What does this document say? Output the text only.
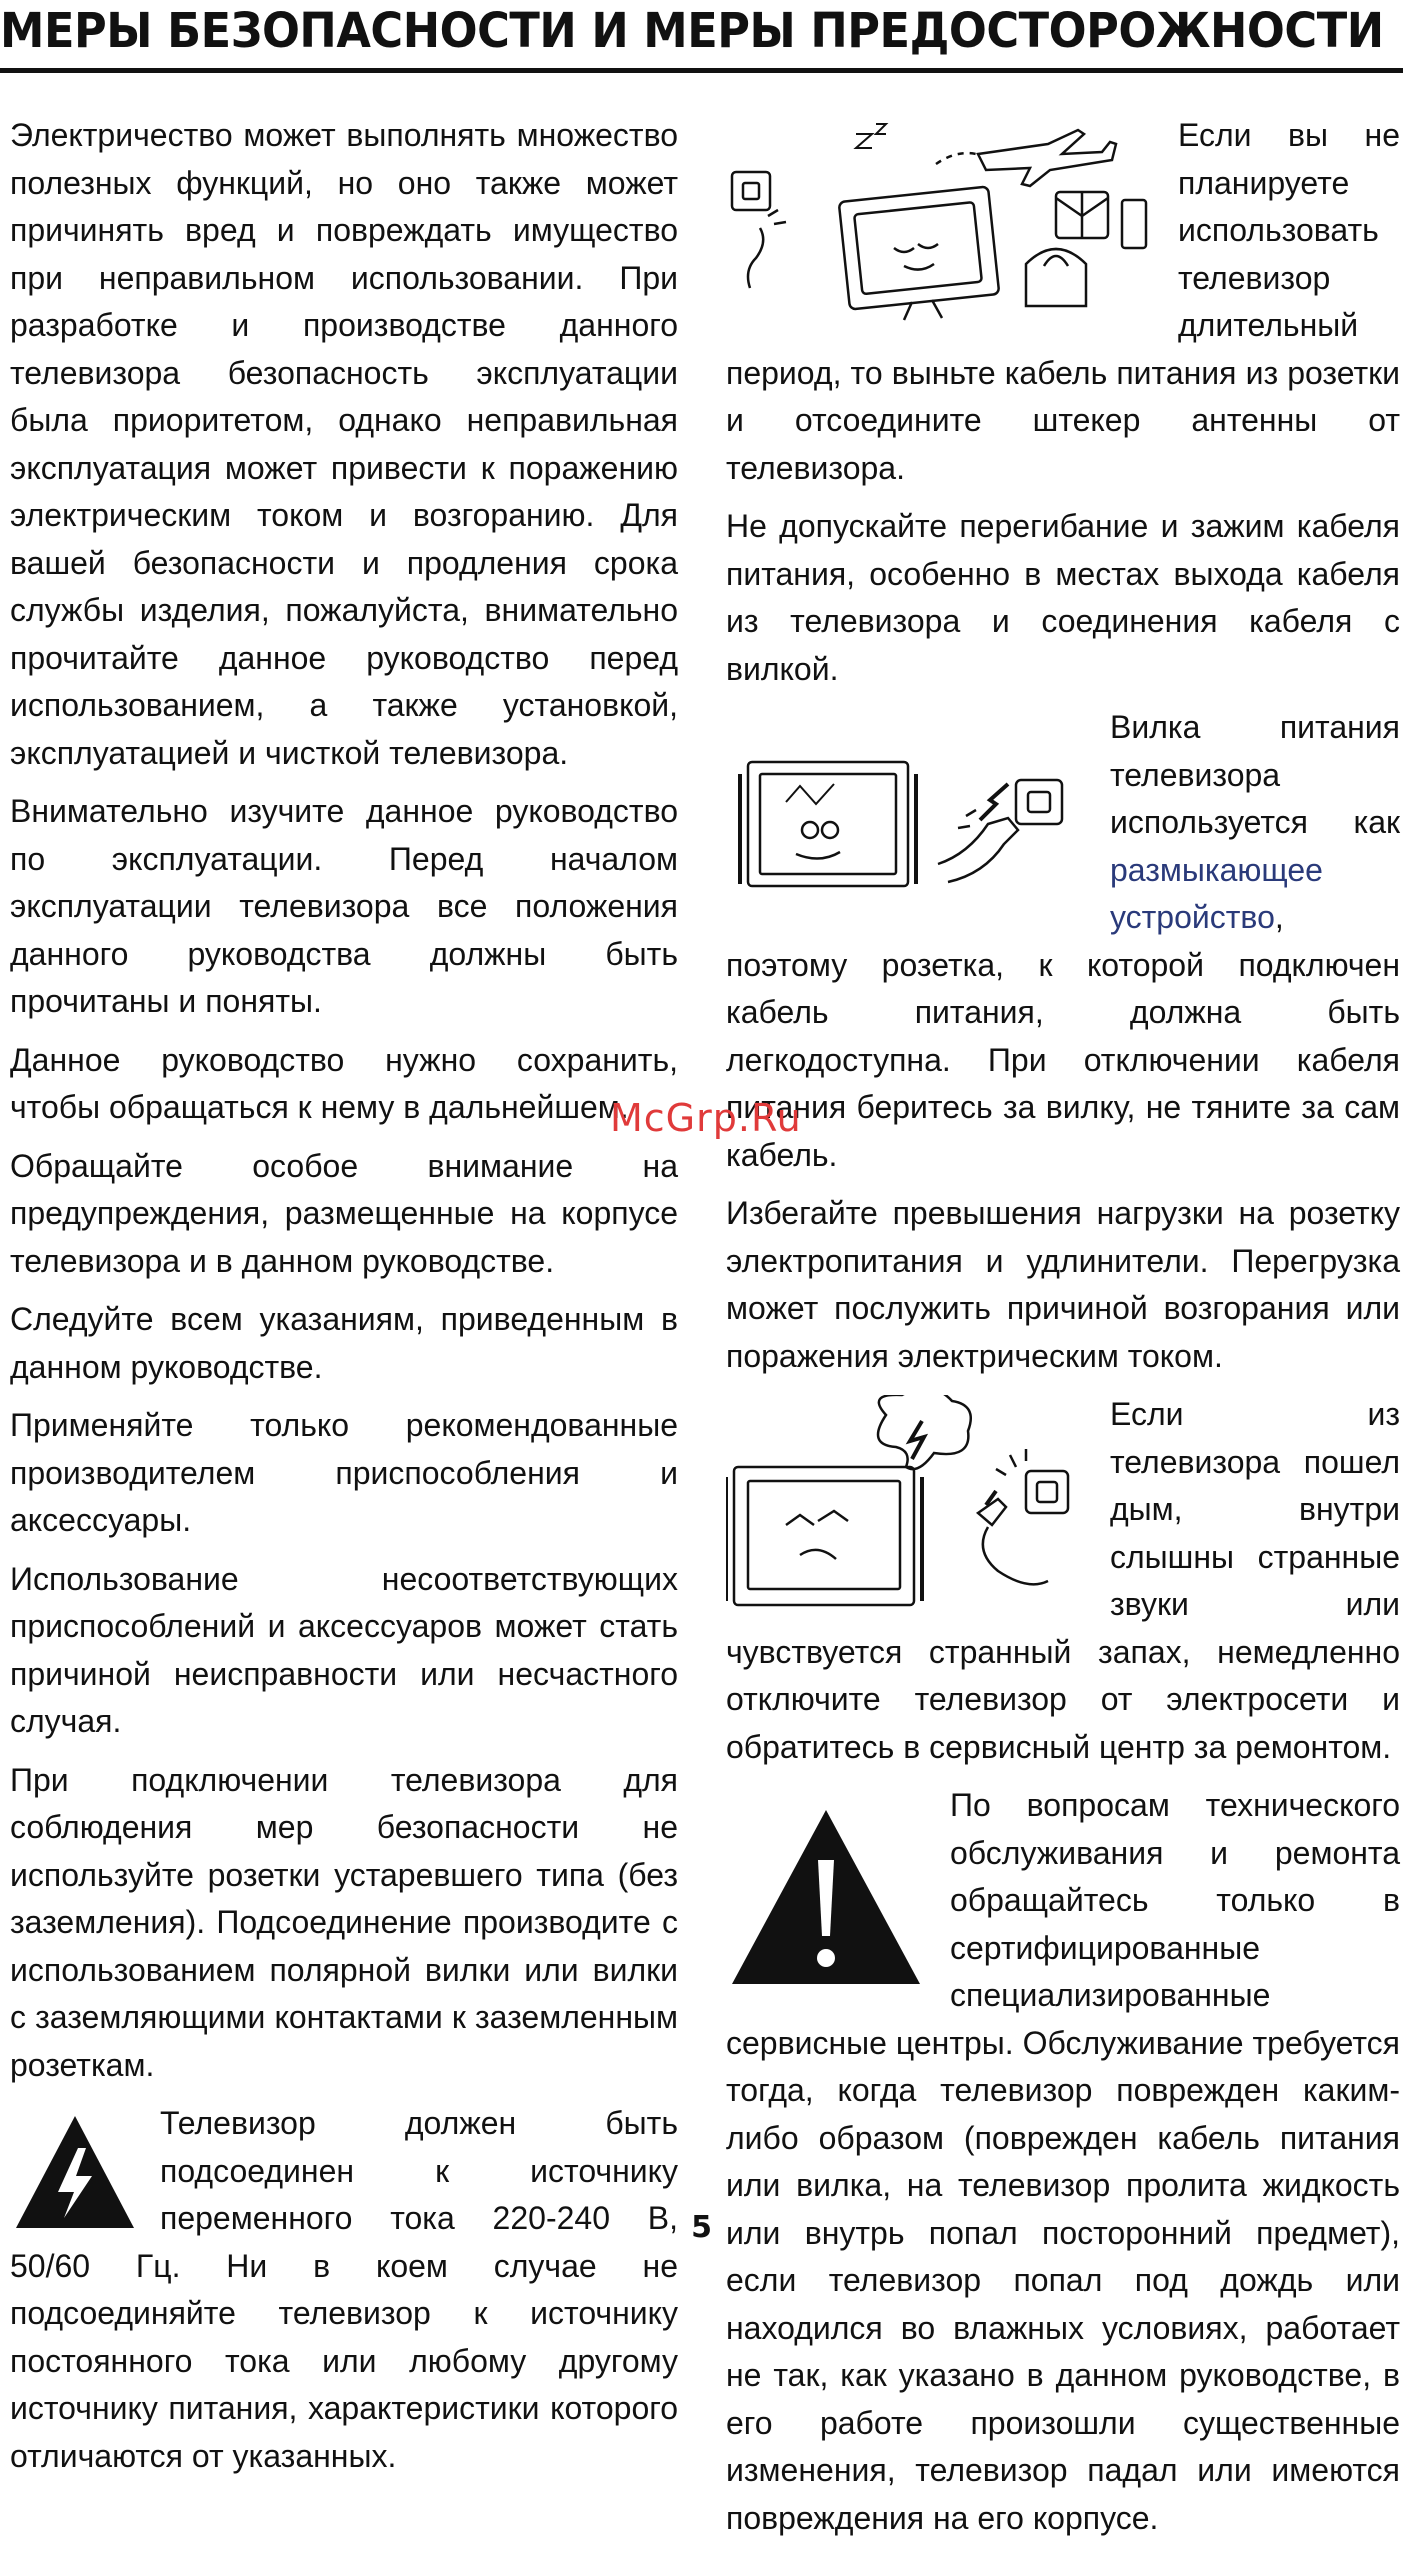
МЕРЫ БЕЗОПАСНОСТИ И МЕРЫ ПРЕДОСТОРОЖНОСТИ

Электричество может выполнять множество полезных функций, но оно также может причинять вред и повреждать имущество при неправильном использовании. При разработке и производстве данного телевизора безопасность эксплуатации была приоритетом, однако неправильная эксплуатация может привести к поражению электрическим током и возгоранию. Для вашей безопасности и продления срока службы изделия, пожалуйста, внимательно прочитайте данное руководство перед использованием, а также установкой, эксплуатацией и чисткой телевизора.

Внимательно изучите данное руководство по эксплуатации. Перед началом эксплуатации телевизора все положения данного руководства должны быть прочитаны и поняты.

Данное руководство нужно сохранить, чтобы обращаться к нему в дальнейшем.

Обращайте особое внимание на предупреждения, размещенные на корпусе телевизора и в данном руководстве.

Следуйте всем указаниям, приведенным в данном руководстве.

Применяйте только рекомендованные производителем приспособления и аксессуары.

Использование несоответствующих приспособлений и аксессуаров может стать причиной неисправности или несчастного случая.

При подключении телевизора для соблюдения мер безопасности не используйте розетки устаревшего типа (без заземления). Подсоединение производите с использованием полярной вилки или вилки с заземляющими контактами к заземленным розеткам.

Телевизор должен быть подсоединен к источнику переменного тока 220-240 В, 50/60 Гц. Ни в коем случае не подсоединяйте телевизор к источнику постоянного тока или любому другому источнику питания, характеристики которого отличаются от указанных.

Если вы не планируете использовать телевизор длительный период, то выньте кабель питания из розетки и отсоедините штекер антенны от телевизора.

Не допускайте перегибание и зажим кабеля питания, особенно в местах выхода кабеля из телевизора и соединения кабеля с вилкой.

Вилка питания телевизора используется как размыкающее устройство, поэтому розетка, к которой подключен кабель питания, должна быть легкодоступна. При отключении кабеля питания беритесь за вилку, не тяните за сам кабель.

Избегайте превышения нагрузки на розетку электропитания и удлинители. Перегрузка может послужить причиной возгорания или поражения электрическим током.

Если из телевизора пошел дым, внутри слышны странные звуки или чувствуется странный запах, немедленно отключите телевизор от электросети и обратитесь в сервисный центр за ремонтом.

По вопросам технического обслуживания и ремонта обращайтесь только в сертифицированные специализированные сервисные центры. Обслуживание требуется тогда, когда телевизор поврежден каким-либо образом (поврежден кабель питания или вилка, на телевизор пролита жидкость или внутрь попал посторонний предмет), если телевизор попал под дождь или находился во влажных условиях, работает не так, как указано в данном руководстве, в его работе произошли существенные изменения, телевизор падал или имеются повреждения на его корпусе.

McGrp.Ru
5
